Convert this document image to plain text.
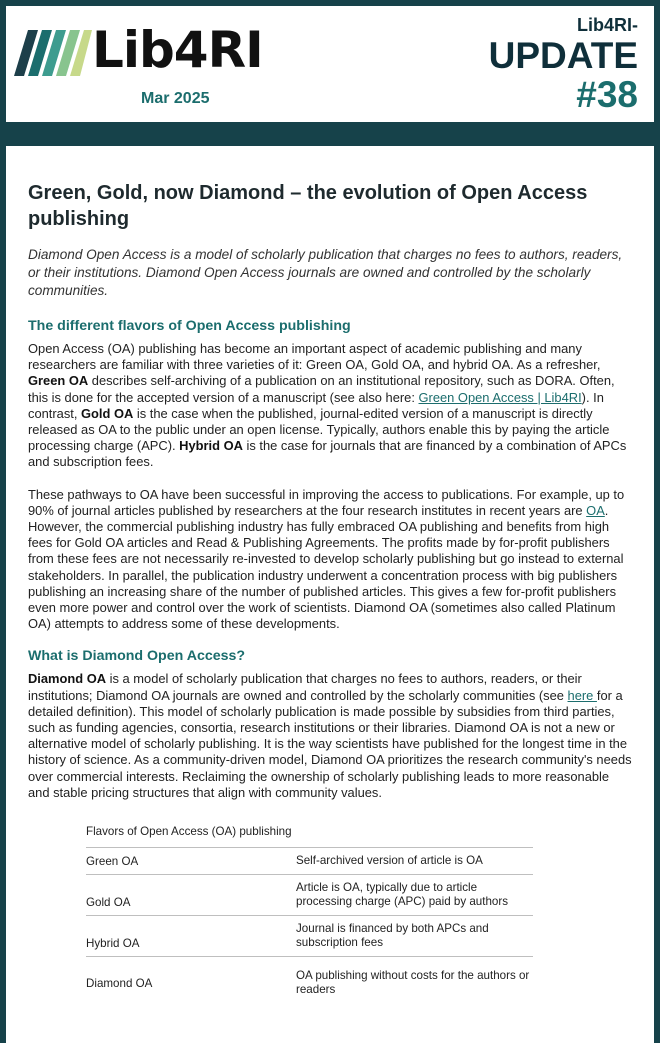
Lib4RI
Mar 2025
Lib4RI-
UPDATE
#38
Green, Gold, now Diamond – the evolution of Open Access publishing

Diamond Open Access is a model of scholarly publication that charges no fees to authors, readers, or their institutions. Diamond Open Access journals are owned and controlled by the scholarly communities.

The different flavors of Open Access publishing

Open Access (OA) publishing has become an important aspect of academic publishing and many researchers are familiar with three varieties of it: Green OA, Gold OA, and hybrid OA. As a refresher, Green OA describes self-archiving of a publication on an institutional repository, such as DORA. Often, this is done for the accepted version of a manuscript (see also here: Green Open Access | Lib4RI). In contrast, Gold OA is the case when the published, journal-edited version of a manuscript is directly released as OA to the public under an open license. Typically, authors enable this by paying the article processing charge (APC). Hybrid OA is the case for journals that are financed by a combination of APCs and subscription fees.

These pathways to OA have been successful in improving the access to publications. For example, up to 90% of journal articles published by researchers at the four research institutes in recent years are OA. However, the commercial publishing industry has fully embraced OA publishing and benefits from high fees for Gold OA articles and Read & Publishing Agreements. The profits made by for-profit publishers from these fees are not necessarily re-invested to develop scholarly publishing but go instead to external stakeholders. In parallel, the publication industry underwent a concentration process with big publishers publishing an increasing share of the number of published articles. This gives a few for-profit publishers even more power and control over the work of scientists. Diamond OA (sometimes also called Platinum OA) attempts to address some of these developments.

What is Diamond Open Access?

Diamond OA is a model of scholarly publication that charges no fees to authors, readers, or their institutions; Diamond OA journals are owned and controlled by the scholarly communities (see here for a detailed definition). This model of scholarly publication is made possible by subsidies from third parties, such as funding agencies, consortia, research institutions or their libraries. Diamond OA is not a new or alternative model of scholarly publishing. It is the way scientists have published for the longest time in the history of science. As a community-driven model, Diamond OA prioritizes the research community's needs over commercial interests. Reclaiming the ownership of scholarly publishing leads to more reasonable and stable pricing structures that align with community values.

Flavors of Open Access (OA) publishing
Green OA	Self-archived version of article is OA
Gold OA
Article is OA, typically due to article processing charge (APC) paid by authors
Hybrid OA
Journal is financed by both APCs and subscription fees
Diamond OA
OA publishing without costs for the authors or readers
